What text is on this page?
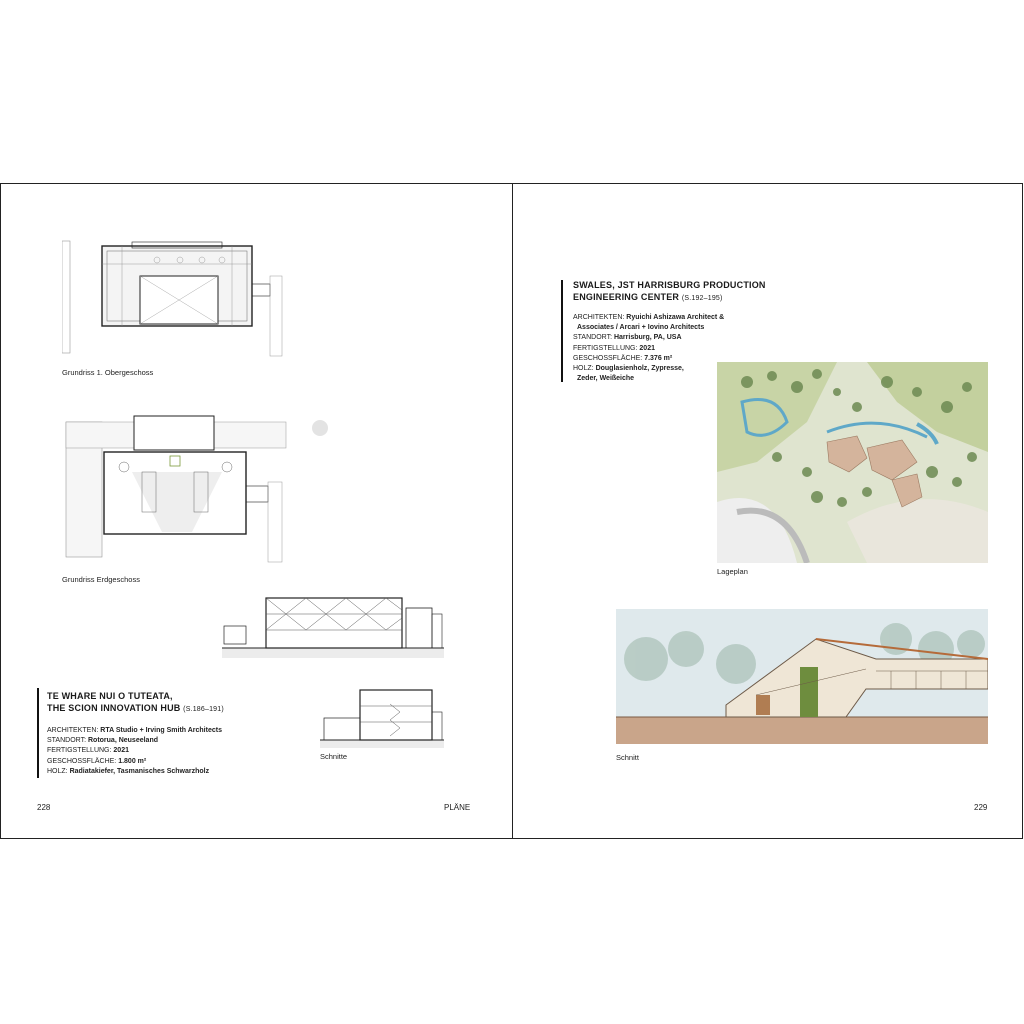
Grundriss 1. Obergeschoss
Grundriss Erdgeschoss
Schnitte
TE WHARE NUI O TUTEATA,
THE SCION INNOVATION HUB (S.186–191)
ARCHITEKTEN: RTA Studio + Irving Smith Architects
STANDORT: Rotorua, Neuseeland
FERTIGSTELLUNG: 2021
GESCHOSSFLÄCHE: 1.800 m²
HOLZ: Radiatakiefer, Tasmanisches Schwarzholz
228	PLÄNE
SWALES, JST HARRISBURG PRODUCTION
ENGINEERING CENTER (S.192–195)
ARCHITEKTEN: Ryuichi Ashizawa Architect &
Associates / Arcari + Iovino Architects
STANDORT: Harrisburg, PA, USA
FERTIGSTELLUNG: 2021
GESCHOSSFLÄCHE: 7.376 m²
HOLZ: Douglasienholz, Zypresse,
Zeder, Weißeiche
Lageplan
Schnitt
229
